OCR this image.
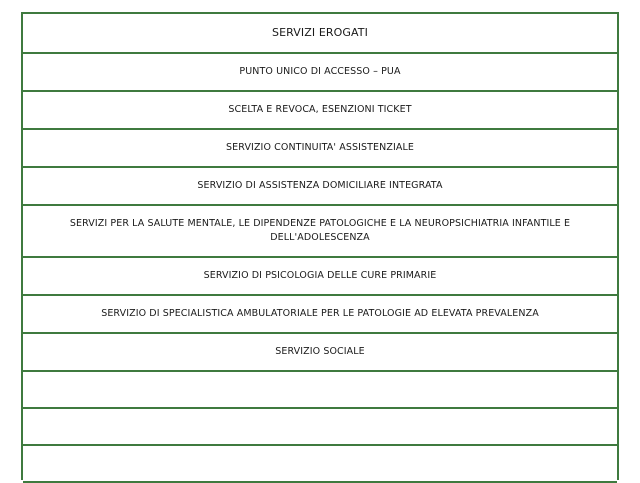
SERVIZI EROGATI
PUNTO UNICO DI ACCESSO – PUA
SCELTA E REVOCA, ESENZIONI TICKET
SERVIZIO CONTINUITA' ASSISTENZIALE
SERVIZIO DI ASSISTENZA DOMICILIARE INTEGRATA
SERVIZI PER LA SALUTE MENTALE, LE DIPENDENZE PATOLOGICHE E LA NEUROPSICHIATRIA INFANTILE E DELL'ADOLESCENZA
SERVIZIO DI PSICOLOGIA DELLE CURE PRIMARIE
SERVIZIO DI SPECIALISTICA AMBULATORIALE PER LE PATOLOGIE AD ELEVATA PREVALENZA
SERVIZIO SOCIALE
